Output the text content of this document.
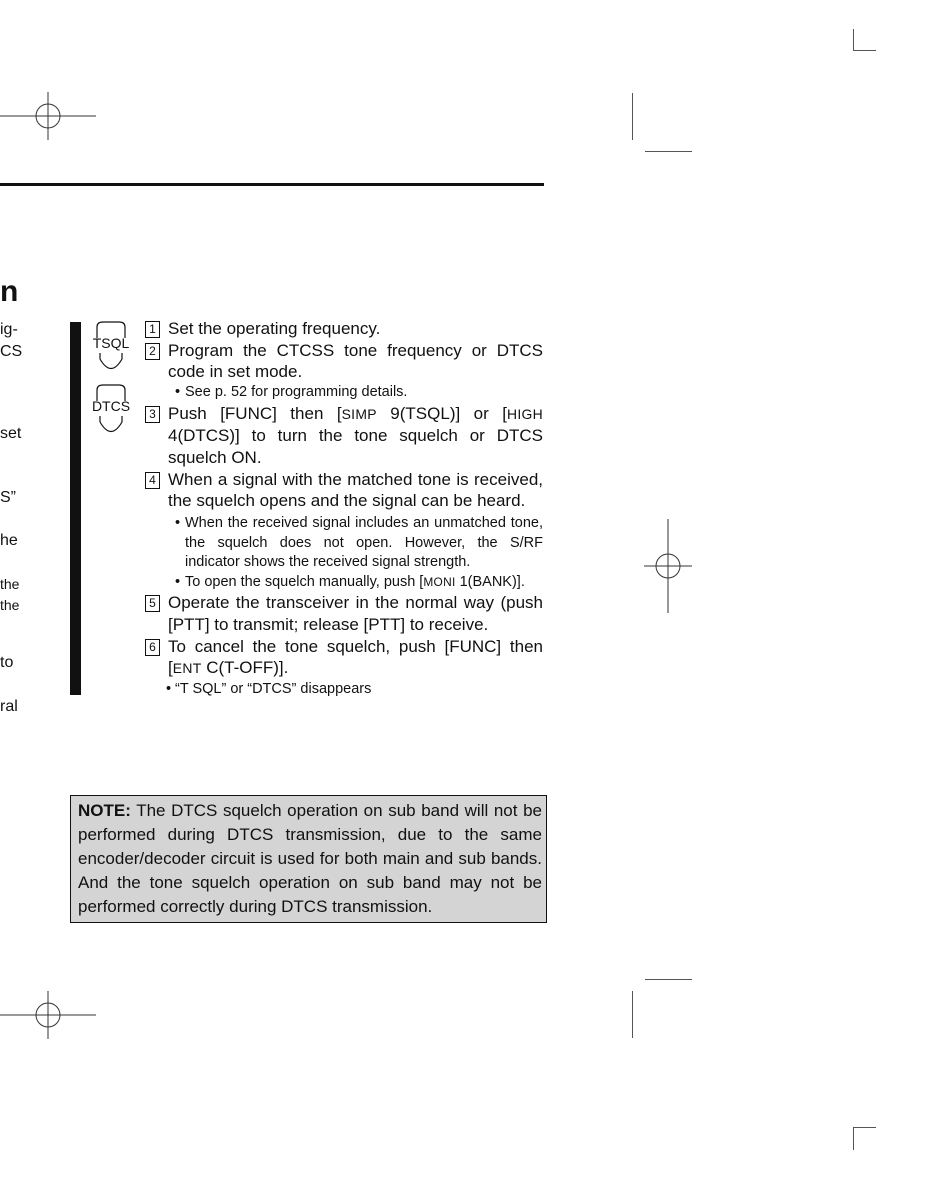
n
ig-
CS
set
S”
he
the
the
to
ral
TSQL
DTCS
1 Set the operating frequency.
2 Program the CTCSS tone frequency or DTCS code in set mode.
• See p. 52 for programming details.
3 Push [FUNC] then [SIMP 9(TSQL)] or [HIGH 4(DTCS)] to turn the tone squelch or DTCS squelch ON.
4 When a signal with the matched tone is received, the squelch opens and the signal can be heard.
• When the received signal includes an unmatched tone, the squelch does not open. However, the S/RF indicator shows the received signal strength.
• To open the squelch manually, push [MONI 1(BANK)].
5 Operate the transceiver in the normal way (push [PTT] to transmit; release [PTT] to receive.
6 To cancel the tone squelch, push [FUNC] then [ENT C(T-OFF)].
• “T SQL” or “DTCS” disappears
NOTE: The DTCS squelch operation on sub band will not be performed during DTCS transmission, due to the same encoder/decoder circuit is used for both main and sub bands. And the tone squelch operation on sub band may not be performed correctly during DTCS transmission.
